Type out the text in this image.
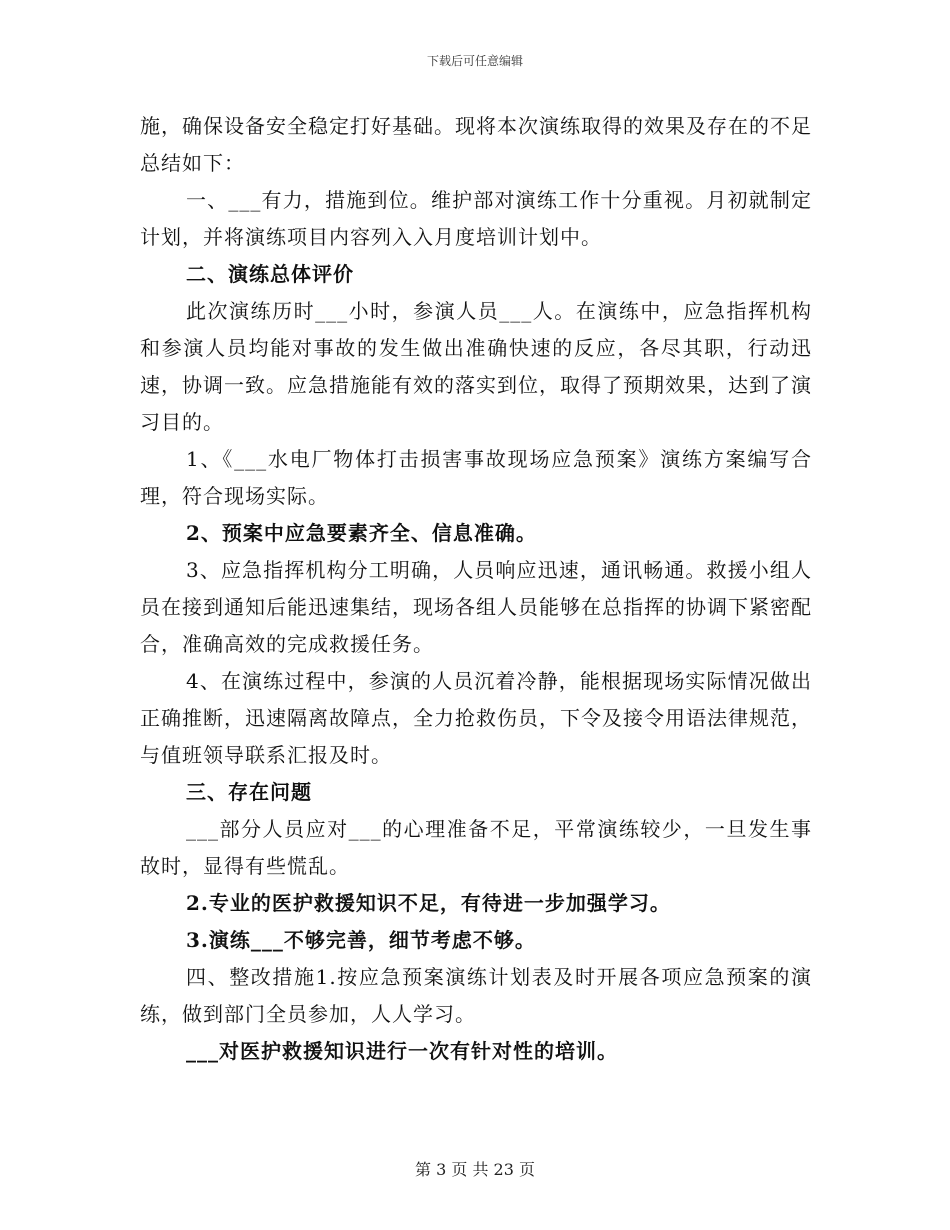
下载后可任意编辑

施，确保设备安全稳定打好基础。现将本次演练取得的效果及存在的不足总结如下：

一、___有力，措施到位。维护部对演练工作十分重视。月初就制定计划，并将演练项目内容列入入月度培训计划中。

二、演练总体评价

此次演练历时___小时，参演人员___人。在演练中，应急指挥机构和参演人员均能对事故的发生做出准确快速的反应，各尽其职，行动迅速，协调一致。应急措施能有效的落实到位，取得了预期效果，达到了演习目的。

1、《___水电厂物体打击损害事故现场应急预案》演练方案编写合理，符合现场实际。

2、预案中应急要素齐全、信息准确。

3、应急指挥机构分工明确，人员响应迅速，通讯畅通。救援小组人员在接到通知后能迅速集结，现场各组人员能够在总指挥的协调下紧密配合，准确高效的完成救援任务。

4、在演练过程中，参演的人员沉着冷静，能根据现场实际情况做出正确推断，迅速隔离故障点，全力抢救伤员，下令及接令用语法律规范，与值班领导联系汇报及时。

三、存在问题

___部分人员应对___的心理准备不足，平常演练较少，一旦发生事故时，显得有些慌乱。

2.专业的医护救援知识不足，有待进一步加强学习。

3.演练___不够完善，细节考虑不够。

四、整改措施1.按应急预案演练计划表及时开展各项应急预案的演练，做到部门全员参加，人人学习。

___对医护救援知识进行一次有针对性的培训。

第 3 页 共 23 页
